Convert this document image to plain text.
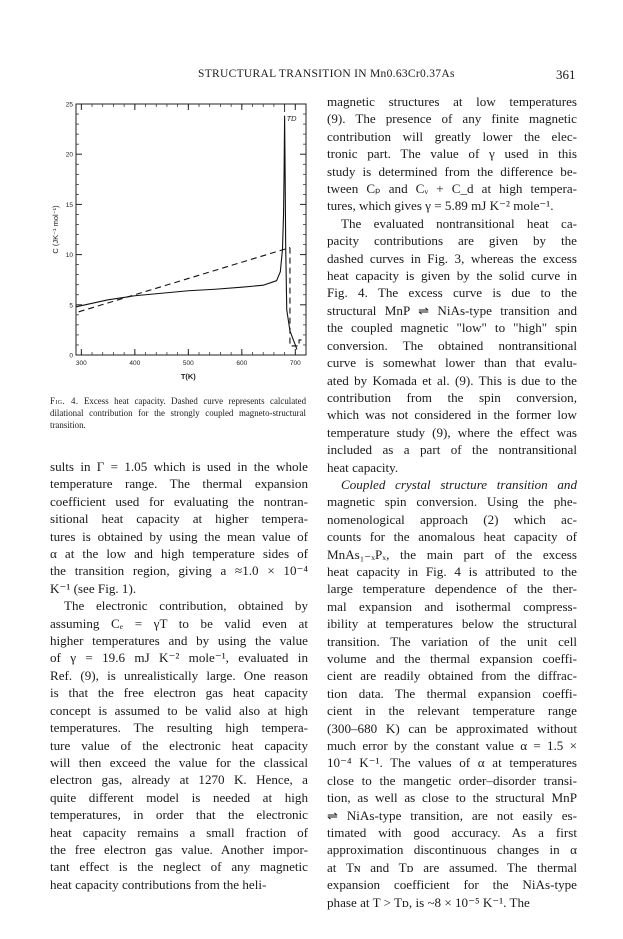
STRUCTURAL TRANSITION IN Mn0.63Cr0.37As	361
300	400	500	600	700
0
5
10
15
20
25
T(K)
C (JK⁻¹ mol⁻¹)
TD
Fig. 4. Excess heat capacity. Dashed curve represents calculated dilational contribution for the strongly coupled magneto-structural transition.

sults in Γ = 1.05 which is used in the whole

temperature range. The thermal expansion

coefficient used for evaluating the nontran-

sitional heat capacity at higher tempera-

tures is obtained by using the mean value of

α at the low and high temperature sides of

the transition region, giving a ≈1.0 × 10⁻⁴

K⁻¹ (see Fig. 1).

The electronic contribution, obtained by

assuming Cₑ = γT to be valid even at

higher temperatures and by using the value

of γ = 19.6 mJ K⁻² mole⁻¹, evaluated in

Ref. (9), is unrealistically large. One reason

is that the free electron gas heat capacity

concept is assumed to be valid also at high

temperatures. The resulting high tempera-

ture value of the electronic heat capacity

will then exceed the value for the classical

electron gas, already at 1270 K. Hence, a

quite different model is needed at high

temperatures, in order that the electronic

heat capacity remains a small fraction of

the free electron gas value. Another impor-

tant effect is the neglect of any magnetic

heat capacity contributions from the heli-

magnetic structures at low temperatures

(9). The presence of any finite magnetic

contribution will greatly lower the elec-

tronic part. The value of γ used in this

study is determined from the difference be-

tween Cₚ and Cᵥ + C_d at high tempera-

tures, which gives γ = 5.89 mJ K⁻² mole⁻¹.

The evaluated nontransitional heat ca-

pacity contributions are given by the

dashed curves in Fig. 3, whereas the excess

heat capacity is given by the solid curve in

Fig. 4. The excess curve is due to the

structural MnP ⇌ NiAs-type transition and

the coupled magnetic "low" to "high" spin

conversion. The obtained nontransitional

curve is somewhat lower than that evalu-

ated by Komada et al. (9). This is due to the

contribution from the spin conversion,

which was not considered in the former low

temperature study (9), where the effect was

included as a part of the nontransitional

heat capacity.

Coupled crystal structure transition and

magnetic spin conversion. Using the phe-

nomenological approach (2) which ac-

counts for the anomalous heat capacity of

MnAs₁₋ₓPₓ, the main part of the excess

heat capacity in Fig. 4 is attributed to the

large temperature dependence of the ther-

mal expansion and isothermal compress-

ibility at temperatures below the structural

transition. The variation of the unit cell

volume and the thermal expansion coeffi-

cient are readily obtained from the diffrac-

tion data. The thermal expansion coeffi-

cient in the relevant temperature range

(300–680 K) can be approximated without

much error by the constant value α = 1.5 ×

10⁻⁴ K⁻¹. The values of α at temperatures

close to the mangetic order–disorder transi-

tion, as well as close to the structural MnP

⇌ NiAs-type transition, are not easily es-

timated with good accuracy. As a first

approximation discontinuous changes in α

at Tɴ and Tᴅ are assumed. The thermal

expansion coefficient for the NiAs-type

phase at T > Tᴅ, is ~8 × 10⁻⁵ K⁻¹. The
